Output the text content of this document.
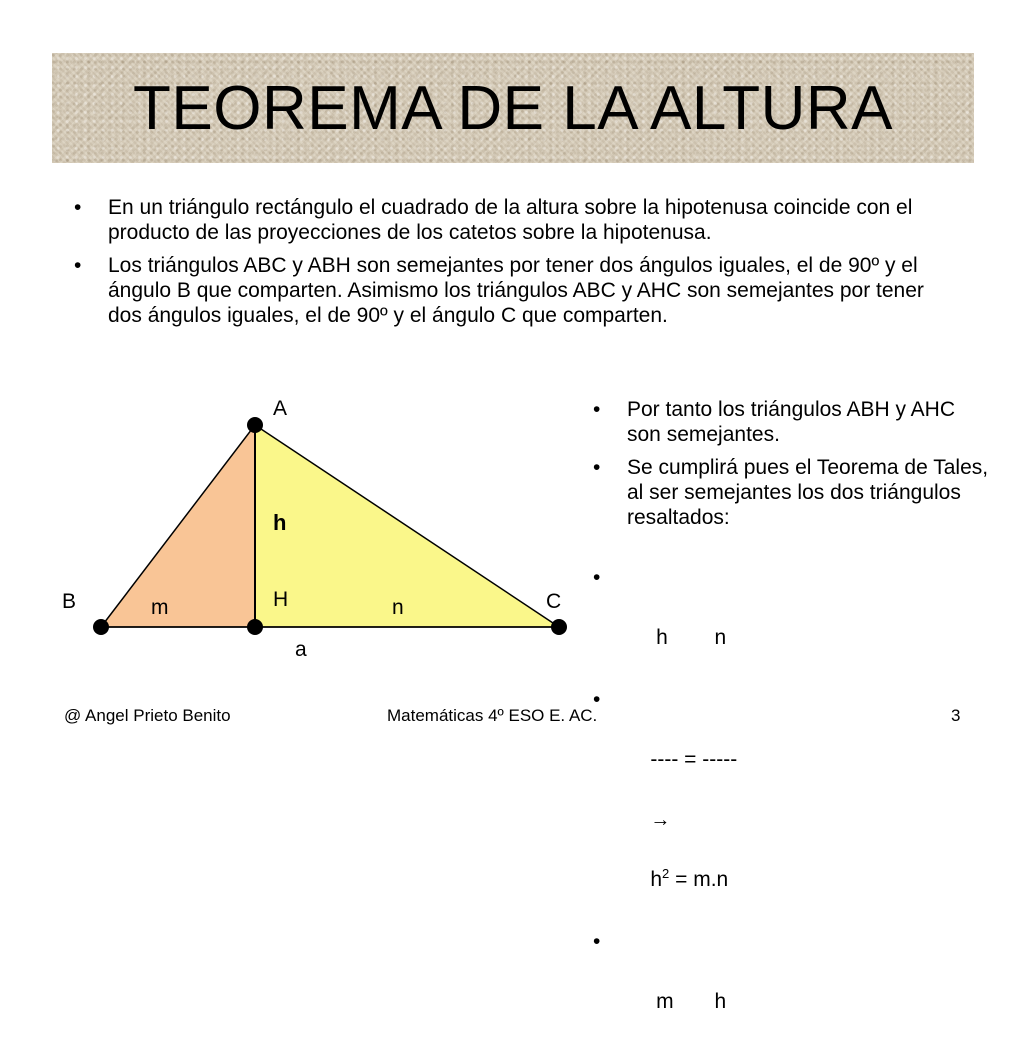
TEOREMA DE LA ALTURA
• En un triángulo rectángulo el cuadrado de la altura sobre la hipotenusa coincide con el producto de las proyecciones de los catetos sobre la hipotenusa.
• Los triángulos ABC y ABH son semejantes por tener dos ángulos iguales, el de 90º y el ángulo B que comparten. Asimismo los triángulos ABC y AHC son semejantes por tener dos ángulos iguales, el de 90º y el ángulo C que comparten.
A
B	C
H
h
m	n
a
• Por tanto los triángulos ABH y AHC son semejantes.
• Se cumplirá pues el Teorema de Tales, al ser semejantes los dos triángulos resaltados:

•

h        n

•

---- = -----

→

$h^2 = m.n$

•

m       h

@ Angel Prieto Benito	Matemáticas 4º ESO E. AC.	3
